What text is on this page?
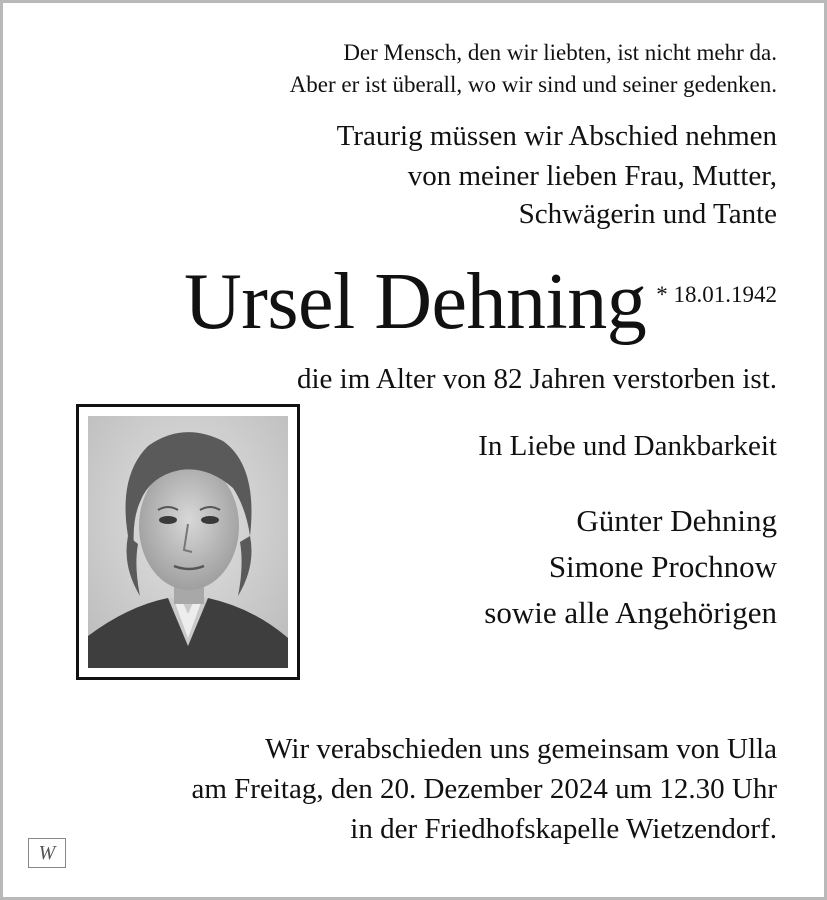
Der Mensch, den wir liebten, ist nicht mehr da.
Aber er ist überall, wo wir sind und seiner gedenken.
Traurig müssen wir Abschied nehmen
von meiner lieben Frau, Mutter,
Schwägerin und Tante
Ursel Dehning * 18.01.1942
die im Alter von 82 Jahren verstorben ist.
In Liebe und Dankbarkeit
Günter Dehning
Simone Prochnow
sowie alle Angehörigen
Wir verabschieden uns gemeinsam von Ulla
am Freitag, den 20. Dezember 2024 um 12.30 Uhr
in der Friedhofskapelle Wietzendorf.
W
